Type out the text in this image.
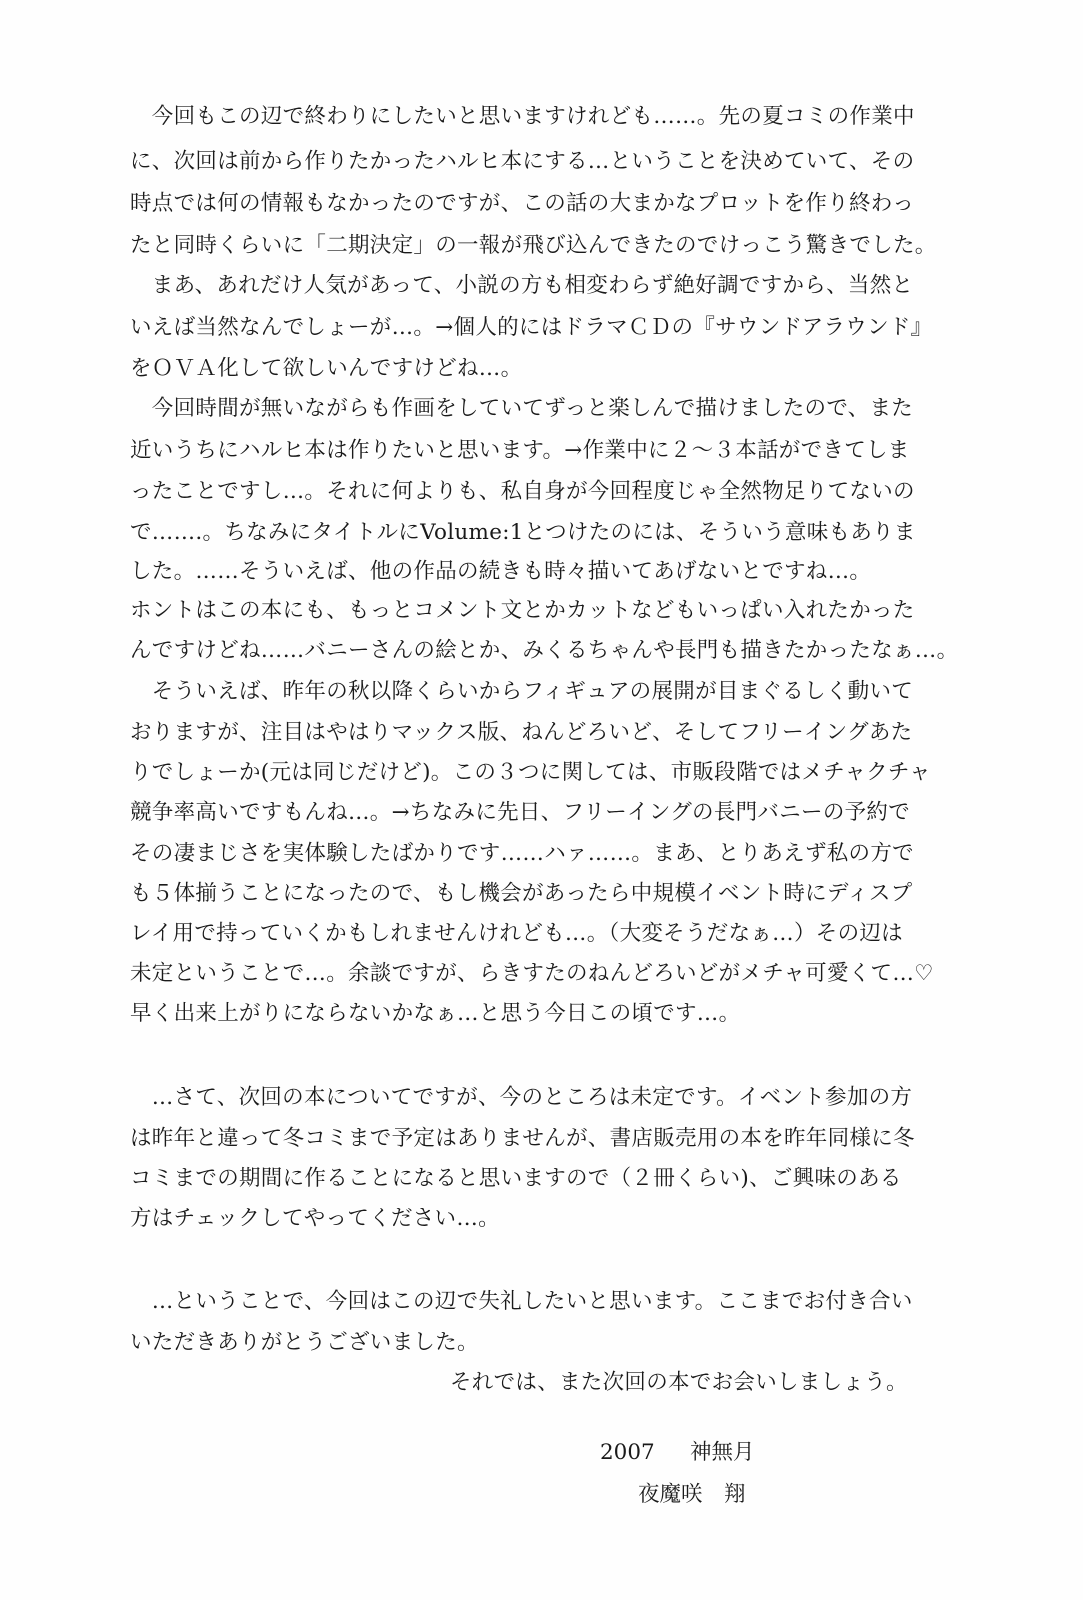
　今回もこの辺で終わりにしたいと思いますけれども……。先の夏コミの作業中
に、次回は前から作りたかったハルヒ本にする…ということを決めていて、その
時点では何の情報もなかったのですが、この話の大まかなプロットを作り終わっ
たと同時くらいに「二期決定」の一報が飛び込んできたのでけっこう驚きでした。
　まあ、あれだけ人気があって、小説の方も相変わらず絶好調ですから、当然と
いえば当然なんでしょーが…。→個人的にはドラマＣＤの『サウンドアラウンド』
をＯＶＡ化して欲しいんですけどね…。
　今回時間が無いながらも作画をしていてずっと楽しんで描けましたので、また
近いうちにハルヒ本は作りたいと思います。→作業中に２～３本話ができてしま
ったことですし…。それに何よりも、私自身が今回程度じゃ全然物足りてないの
で…….。ちなみにタイトルにVolume:1とつけたのには、そういう意味もありま
した。……そういえば、他の作品の続きも時々描いてあげないとですね…。
ホントはこの本にも、もっとコメント文とかカットなどもいっぱい入れたかった
んですけどね……バニーさんの絵とか、みくるちゃんや長門も描きたかったなぁ…。
　そういえば、昨年の秋以降くらいからフィギュアの展開が目まぐるしく動いて
おりますが、注目はやはりマックス版、ねんどろいど、そしてフリーイングあた
りでしょーか(元は同じだけど)。この３つに関しては、市販段階ではメチャクチャ
競争率高いですもんね…。→ちなみに先日、フリーイングの長門バニーの予約で
その凄まじさを実体験したばかりです……ハァ……。まあ、とりあえず私の方で
も５体揃うことになったので、もし機会があったら中規模イベント時にディスプ
レイ用で持っていくかもしれませんけれども…。（大変そうだなぁ…）その辺は
未定ということで…。余談ですが、らきすたのねんどろいどがメチャ可愛くて…♡
早く出来上がりにならないかなぁ…と思う今日この頃です…。
　…さて、次回の本についてですが、今のところは未定です。イベント参加の方
は昨年と違って冬コミまで予定はありませんが、書店販売用の本を昨年同様に冬
コミまでの期間に作ることになると思いますので（２冊くらい)、ご興味のある
方はチェックしてやってください…。
　…ということで、今回はこの辺で失礼したいと思います。ここまでお付き合い
いただきありがとうございました。
それでは、また次回の本でお会いしましょう。
2007 神無月
夜魔咲　翔
